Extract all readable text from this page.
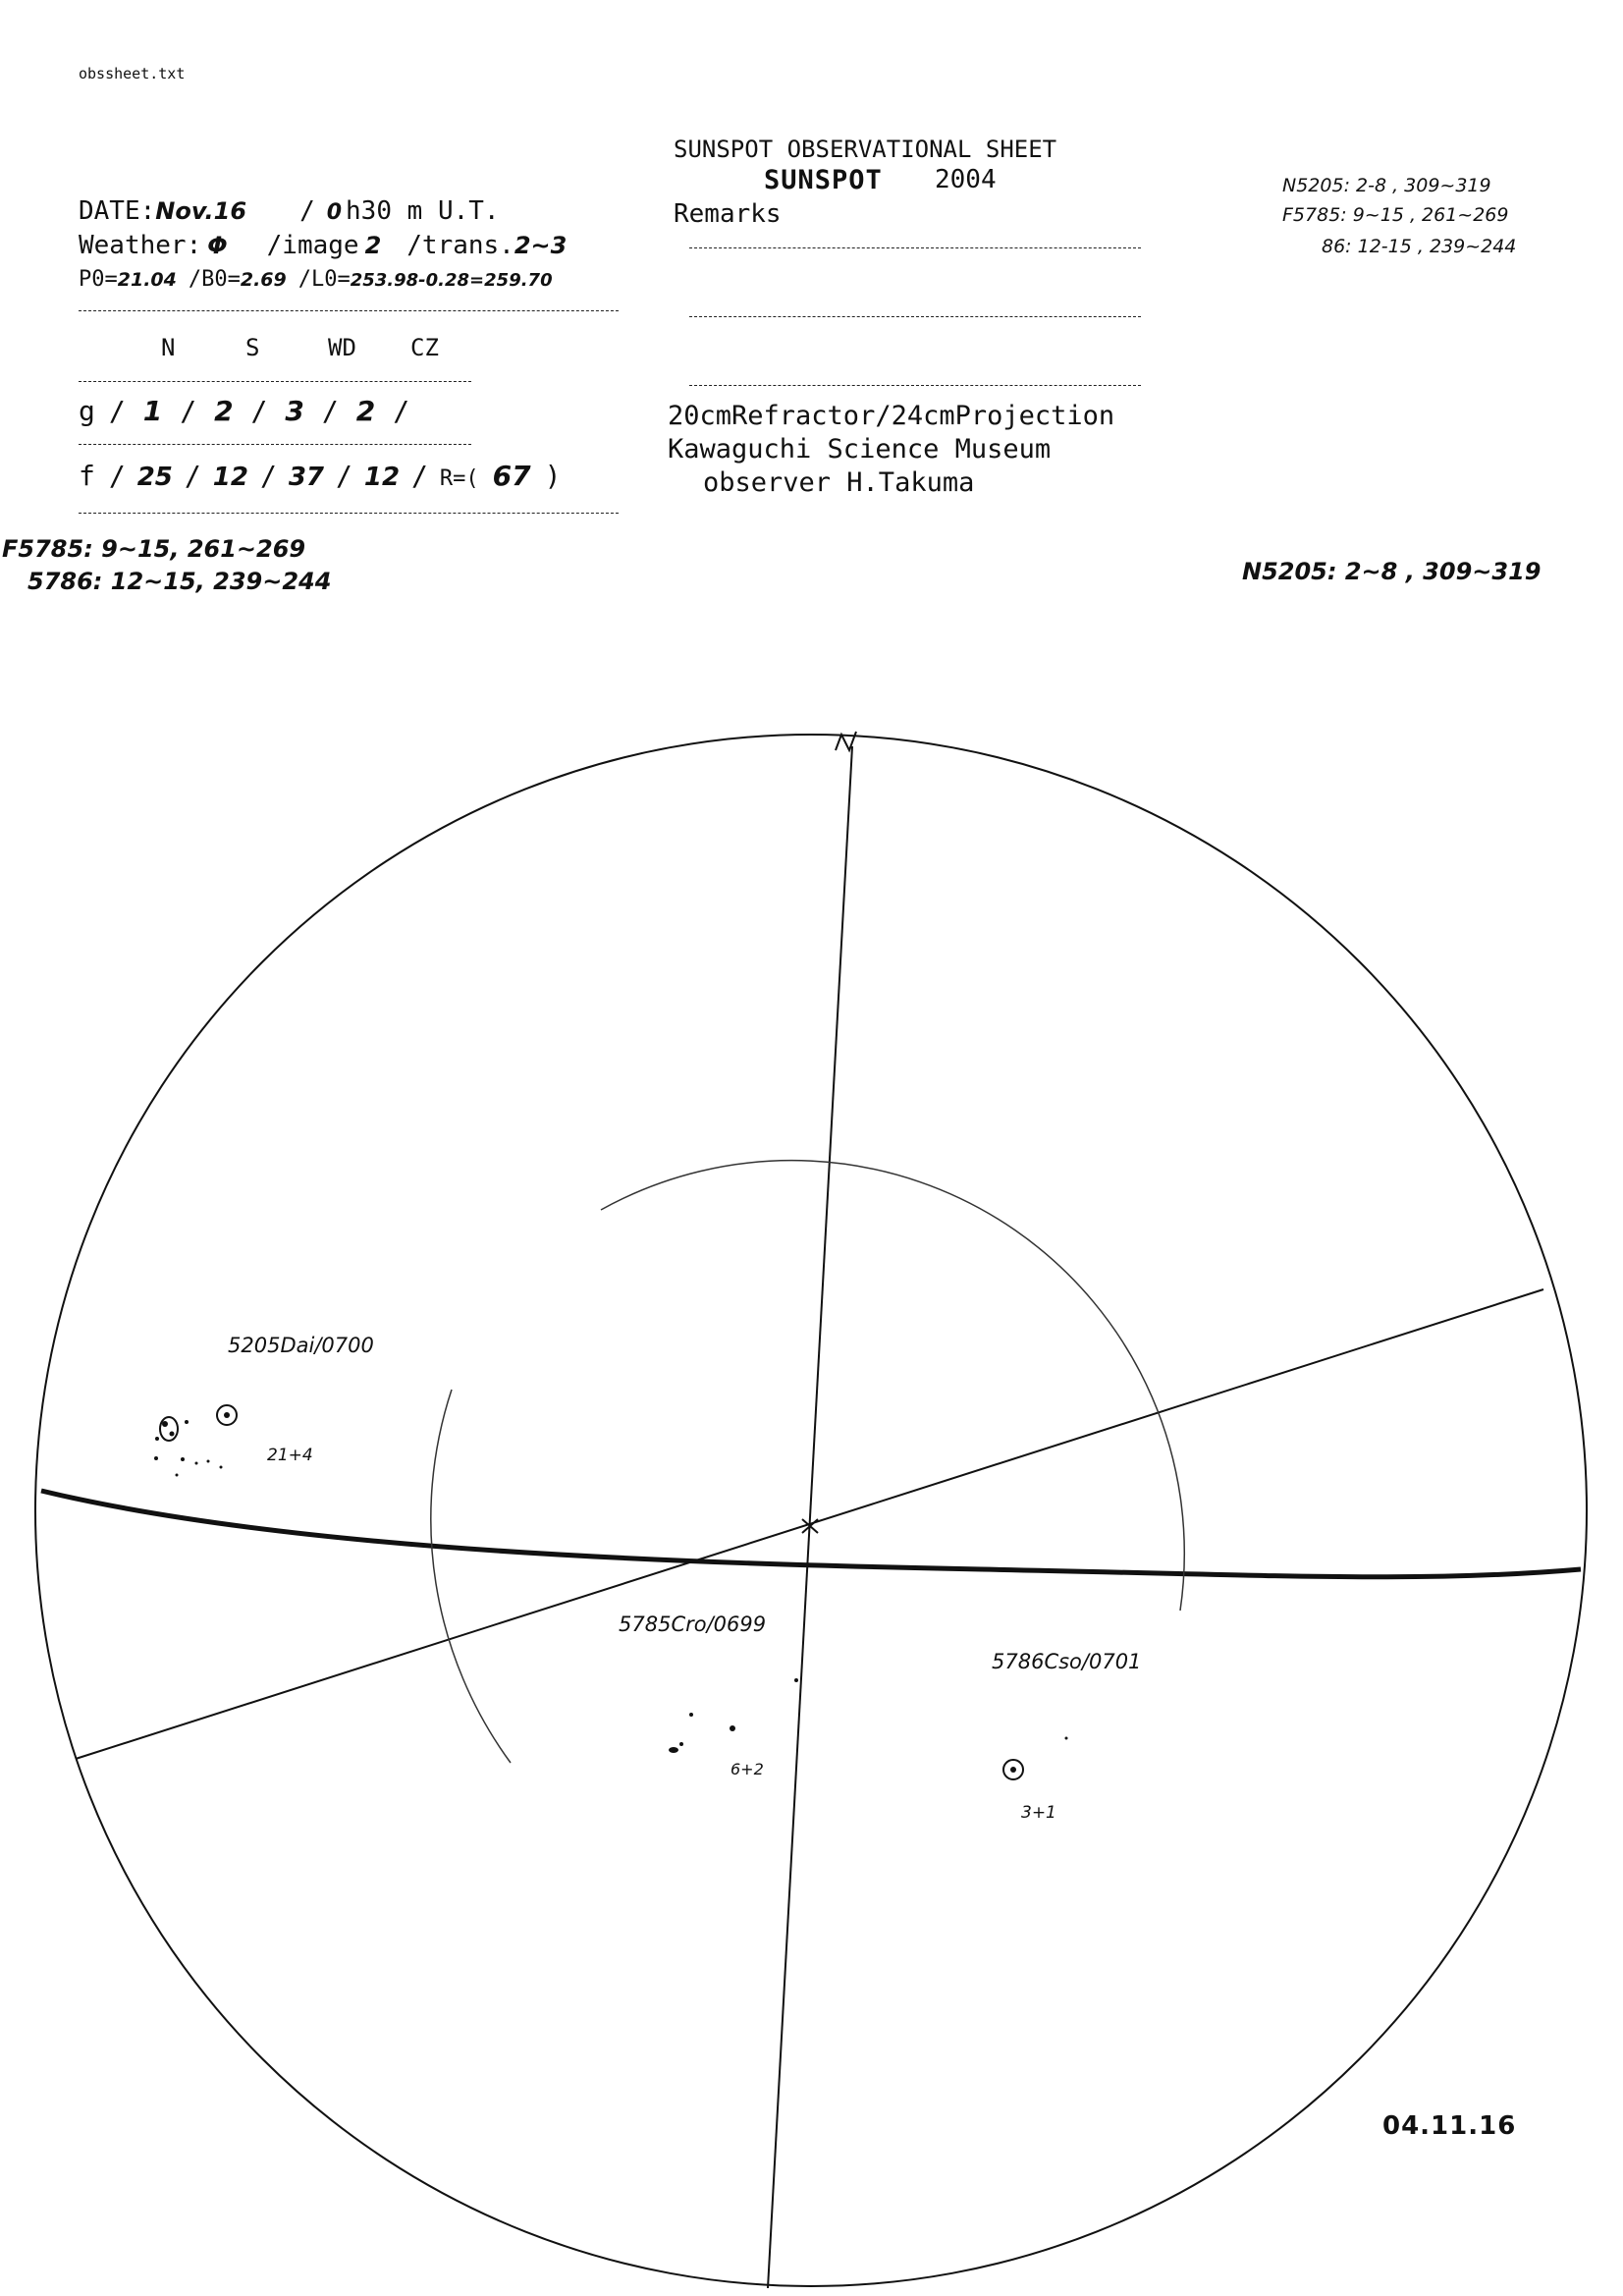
obssheet.txt
SUNSPOT OBSERVATIONAL SHEET
SUNSPOT 2004
Remarks
DATE:Nov.16 / 0 h30 m U.T.
Weather: Φ /image 2 /trans.2~3
P0=21.04 /B0=2.69 /L0=253.98-0.28=259.70
N	S	WD CZ
g / 1 / 2 / 3 / 2 /
f / 25 / 12 / 37 / 12 / R=( 67 )
20cmRefractor/24cmProjection
Kawaguchi Science Museum
observer H.Takuma
N5205: 2-8 , 309~319
F5785: 9~15 , 261~269
86: 12-15 , 239~244
F5785: 9~15, 261~269
5786: 12~15, 239~244	N5205: 2~8 , 309~319
5205Dai/0700
21+4
5785Cro/0699
6+2
5786Cso/0701
3+1
04.11.16
